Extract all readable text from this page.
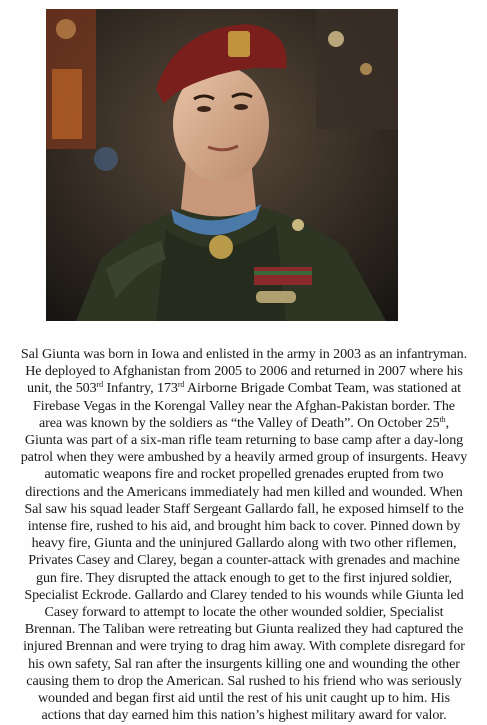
Sal Giunta was born in Iowa and enlisted in the army in 2003 as an infantryman.
He deployed to Afghanistan from 2005 to 2006 and returned in 2007 where his
unit, the 503rd Infantry, 173rd Airborne Brigade Combat Team, was stationed at
Firebase Vegas in the Korengal Valley near the Afghan-Pakistan border. The
area was known by the soldiers as “the Valley of Death”. On October 25th,
Giunta was part of a six-man rifle team returning to base camp after a day-long
patrol when they were ambushed by a heavily armed group of insurgents. Heavy
automatic weapons fire and rocket propelled grenades erupted from two
directions and the Americans immediately had men killed and wounded. When
Sal saw his squad leader Staff Sergeant Gallardo fall, he exposed himself to the
intense fire, rushed to his aid, and brought him back to cover. Pinned down by
heavy fire, Giunta and the uninjured Gallardo along with two other riflemen,
Privates Casey and Clarey, began a counter-attack with grenades and machine
gun fire. They disrupted the attack enough to get to the first injured soldier,
Specialist Eckrode. Gallardo and Clarey tended to his wounds while Giunta led
Casey forward to attempt to locate the other wounded soldier, Specialist
Brennan. The Taliban were retreating but Giunta realized they had captured the
injured Brennan and were trying to drag him away. With complete disregard for
his own safety, Sal ran after the insurgents killing one and wounding the other
causing them to drop the American. Sal rushed to his friend who was seriously
wounded and began first aid until the rest of his unit caught up to him. His
actions that day earned him this nation’s highest military award for valor.
